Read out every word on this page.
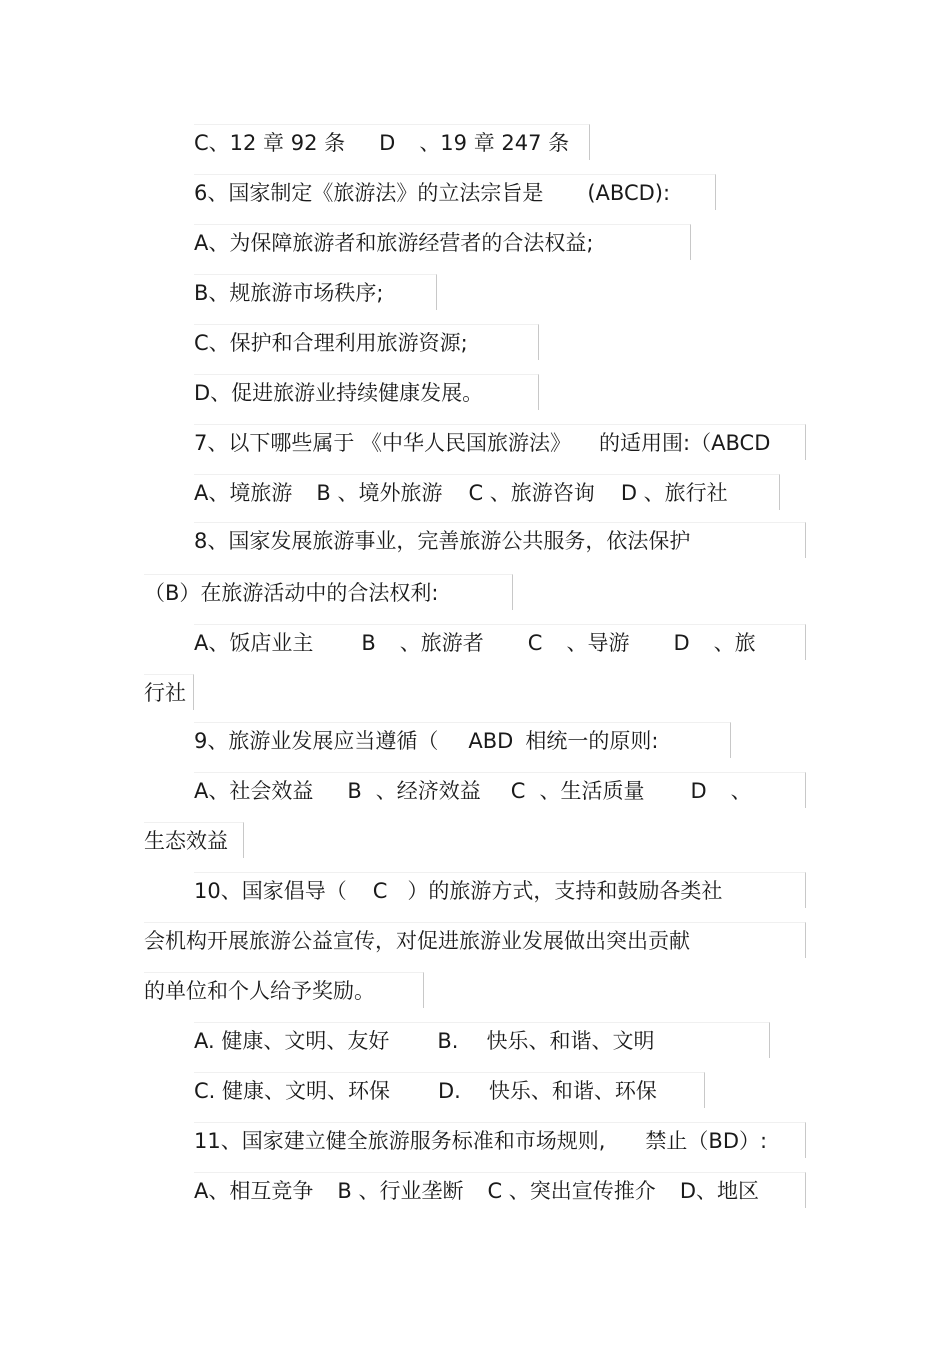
C、12 章 92 条 D 、19 章 247 条
6、国家制定《旅游法》的立法宗旨是 (ABCD):
A、为保障旅游者和旅游经营者的合法权益;
B、规旅游市场秩序;
C、保护和合理利用旅游资源;
D、促进旅游业持续健康发展。
7、以下哪些属于 《中华人民国旅游法》 的适用围:（ABCD
A、境旅游 B 、境外旅游 C 、旅游咨询 D 、旅行社
8、国家发展旅游事业，完善旅游公共服务，依法保护
（B）在旅游活动中的合法权利:
A、饭店业主 B 、旅游者 C 、导游 D 、旅
行社
9、旅游业发展应当遵循（ ABD 相统一的原则:
A、社会效益 B 、经济效益 C 、生活质量 D 、
生态效益
10、国家倡导（ C ）的旅游方式，支持和鼓励各类社
会机构开展旅游公益宣传，对促进旅游业发展做出突出贡献
的单位和个人给予奖励。
A. 健康、文明、友好 B. 快乐、和谐、文明
C. 健康、文明、环保 D. 快乐、和谐、环保
11、国家建立健全旅游服务标准和市场规则, 禁止（BD）:
A、相互竞争 B 、行业垄断 C 、突出宣传推介 D、地区
